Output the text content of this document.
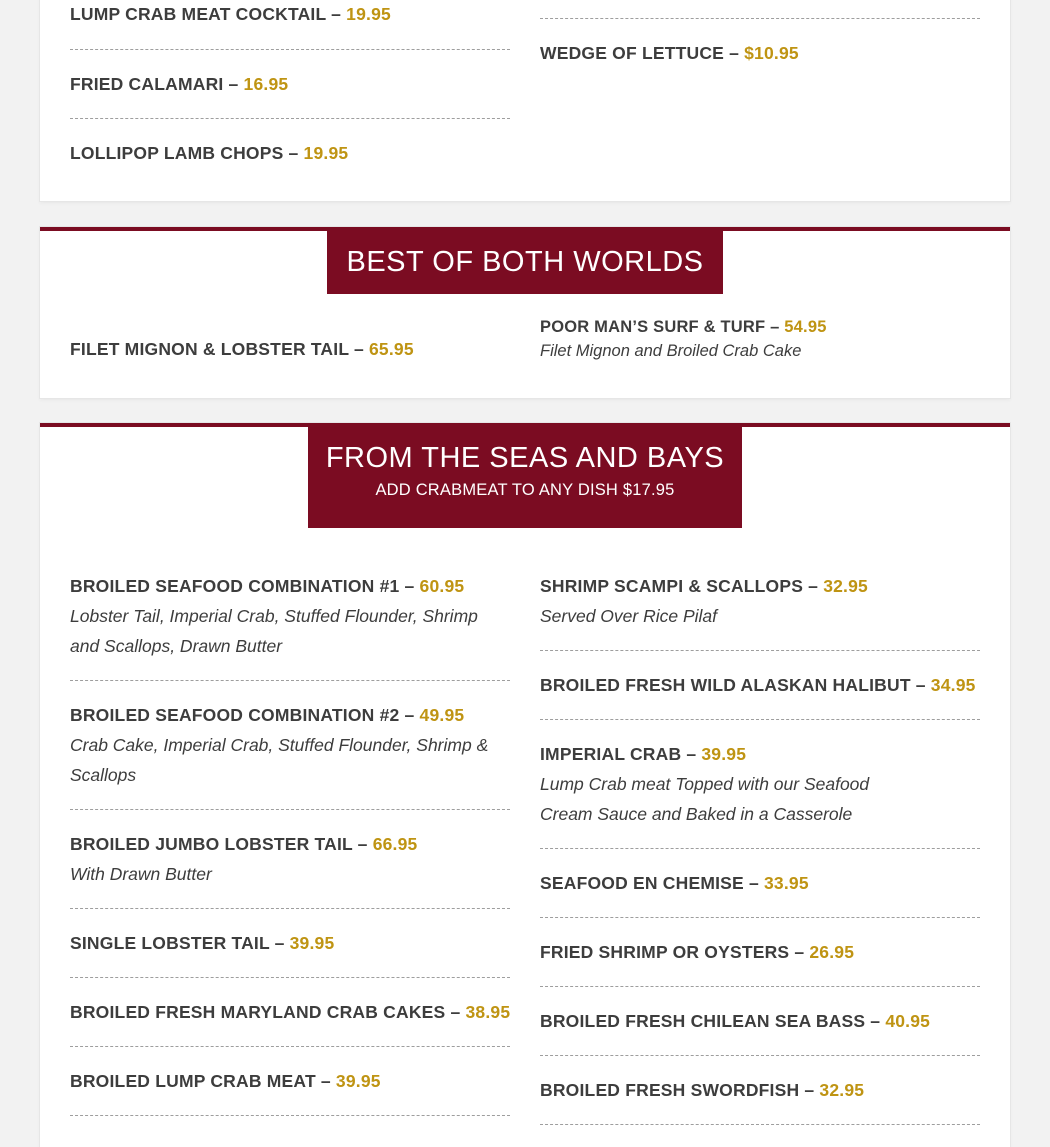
LUMP CRAB MEAT COCKTAIL – 19.95
FRIED CALAMARI – 16.95
LOLLIPOP LAMB CHOPS – 19.95
WEDGE OF LETTUCE – $10.95
BEST OF BOTH WORLDS
FILET MIGNON & LOBSTER TAIL – 65.95
POOR MAN’S SURF & TURF – 54.95
Filet Mignon and Broiled Crab Cake
FROM THE SEAS AND BAYS
ADD CRABMEAT TO ANY DISH $17.95
BROILED SEAFOOD COMBINATION #1 – 60.95
Lobster Tail, Imperial Crab, Stuffed Flounder, Shrimp
and Scallops, Drawn Butter
BROILED SEAFOOD COMBINATION #2 – 49.95
Crab Cake, Imperial Crab, Stuffed Flounder, Shrimp &
Scallops
BROILED JUMBO LOBSTER TAIL – 66.95
With Drawn Butter
SINGLE LOBSTER TAIL – 39.95
BROILED FRESH MARYLAND CRAB CAKES – 38.95
BROILED LUMP CRAB MEAT – 39.95
SHRIMP SCAMPI & SCALLOPS – 32.95
Served Over Rice Pilaf
BROILED FRESH WILD ALASKAN HALIBUT – 34.95
IMPERIAL CRAB – 39.95
Lump Crab meat Topped with our Seafood
Cream Sauce and Baked in a Casserole
SEAFOOD EN CHEMISE – 33.95
FRIED SHRIMP OR OYSTERS – 26.95
BROILED FRESH CHILEAN SEA BASS – 40.95
BROILED FRESH SWORDFISH – 32.95
